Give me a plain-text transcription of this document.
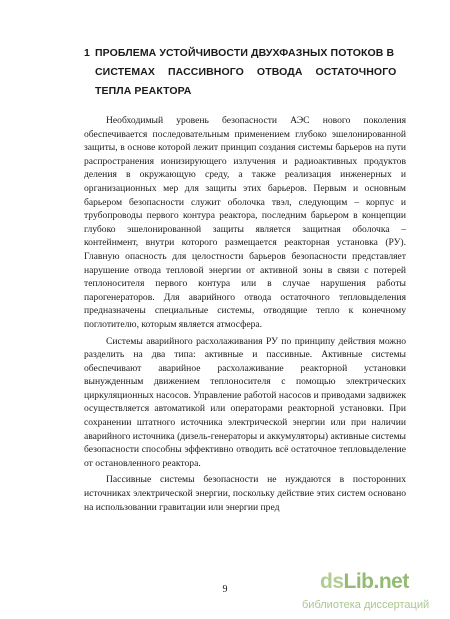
1 ПРОБЛЕМА УСТОЙЧИВОСТИ ДВУХФАЗНЫХ ПОТОКОВ В
СИСТЕМАХ ПАССИВНОГО ОТВОДА ОСТАТОЧНОГО
ТЕПЛА РЕАКТОРА

Необходимый уровень безопасности АЭС нового поколения обеспечивается последовательным применением глубоко эшелонированной защиты, в основе которой лежит принцип создания системы барьеров на пути распространения ионизирующего излучения и радиоактивных продуктов деления в окружающую среду, а также реализация инженерных и организационных мер для защиты этих барьеров. Первым и основным барьером безопасности служит оболочка твэл, следующим – корпус и трубопроводы первого контура реактора, последним барьером в концепции глубоко эшелонированной защиты является защитная оболочка – контейнмент, внутри которого размещается реакторная установка (РУ). Главную опасность для целостности барьеров безопасности представляет нарушение отвода тепловой энергии от активной зоны в связи с потерей теплоносителя первого контура или в случае нарушения работы парогенераторов. Для аварийного отвода остаточного тепловыделения предназначены специальные системы, отводящие тепло к конечному поглотителю, которым является атмосфера.

Системы аварийного расхолаживания РУ по принципу действия можно разделить на два типа: активные и пассивные. Активные системы обеспечивают аварийное расхолаживание реакторной установки вынужденным движением теплоносителя с помощью электрических циркуляционных насосов. Управление работой насосов и приводами задвижек осуществляется автоматикой или операторами реакторной установки. При сохранении штатного источника электрической энергии или при наличии аварийного источника (дизель-генераторы и аккумуляторы) активные системы безопасности способны эффективно отводить всё остаточное тепловыделение от остановленного реактора.

Пассивные системы безопасности не нуждаются в посторонних источниках электрической энергии, поскольку действие этих систем основано на использовании гравитации или энергии пред

9	dsLib.net
библиотека диссертаций
